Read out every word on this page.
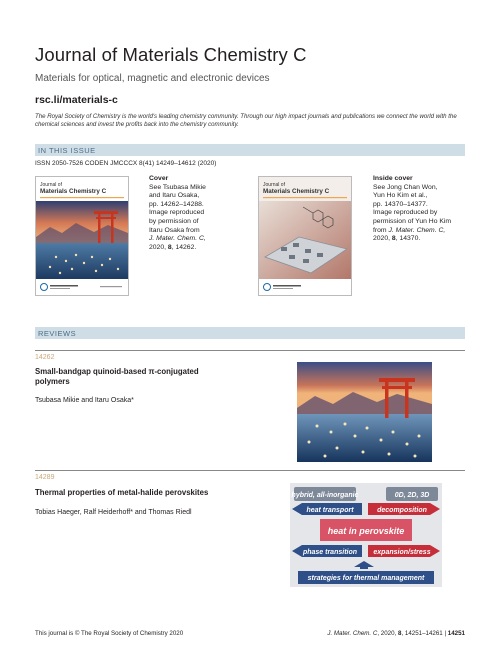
Journal of Materials Chemistry C
Materials for optical, magnetic and electronic devices
rsc.li/materials-c
The Royal Society of Chemistry is the world's leading chemistry community. Through our high impact journals and publications we connect the world with the chemical sciences and invest the profits back into the chemistry community.
IN THIS ISSUE
ISSN 2050-7526 CODEN JMCCCX 8(41) 14249–14612 (2020)
Journal of
Materials Chemistry C
Cover
See Tsubasa Mikie
and Itaru Osaka,
pp. 14262–14288.
Image reproduced
by permission of
Itaru Osaka from
J. Mater. Chem. C,
2020, 8, 14262.
Journal of
Materials Chemistry C
Inside cover
See Jong Chan Won,
Yun Ho Kim et al.,
pp. 14370–14377.
Image reproduced by
permission of Yun Ho Kim
from J. Mater. Chem. C,
2020, 8, 14370.
REVIEWS
14262
Small-bandgap quinoid-based π-conjugated
polymers
Tsubasa Mikie and Itaru Osaka*
14289
Thermal properties of metal-halide perovskites
Tobias Haeger, Ralf Heiderhoff* and Thomas Riedl
hybrid, all-inorganic	0D, 2D, 3D
heat transport	decomposition
heat in perovskite
phase transition expansion/stress
strategies for thermal management
This journal is © The Royal Society of Chemistry 2020	J. Mater. Chem. C, 2020, 8, 14251–14261 | 14251
